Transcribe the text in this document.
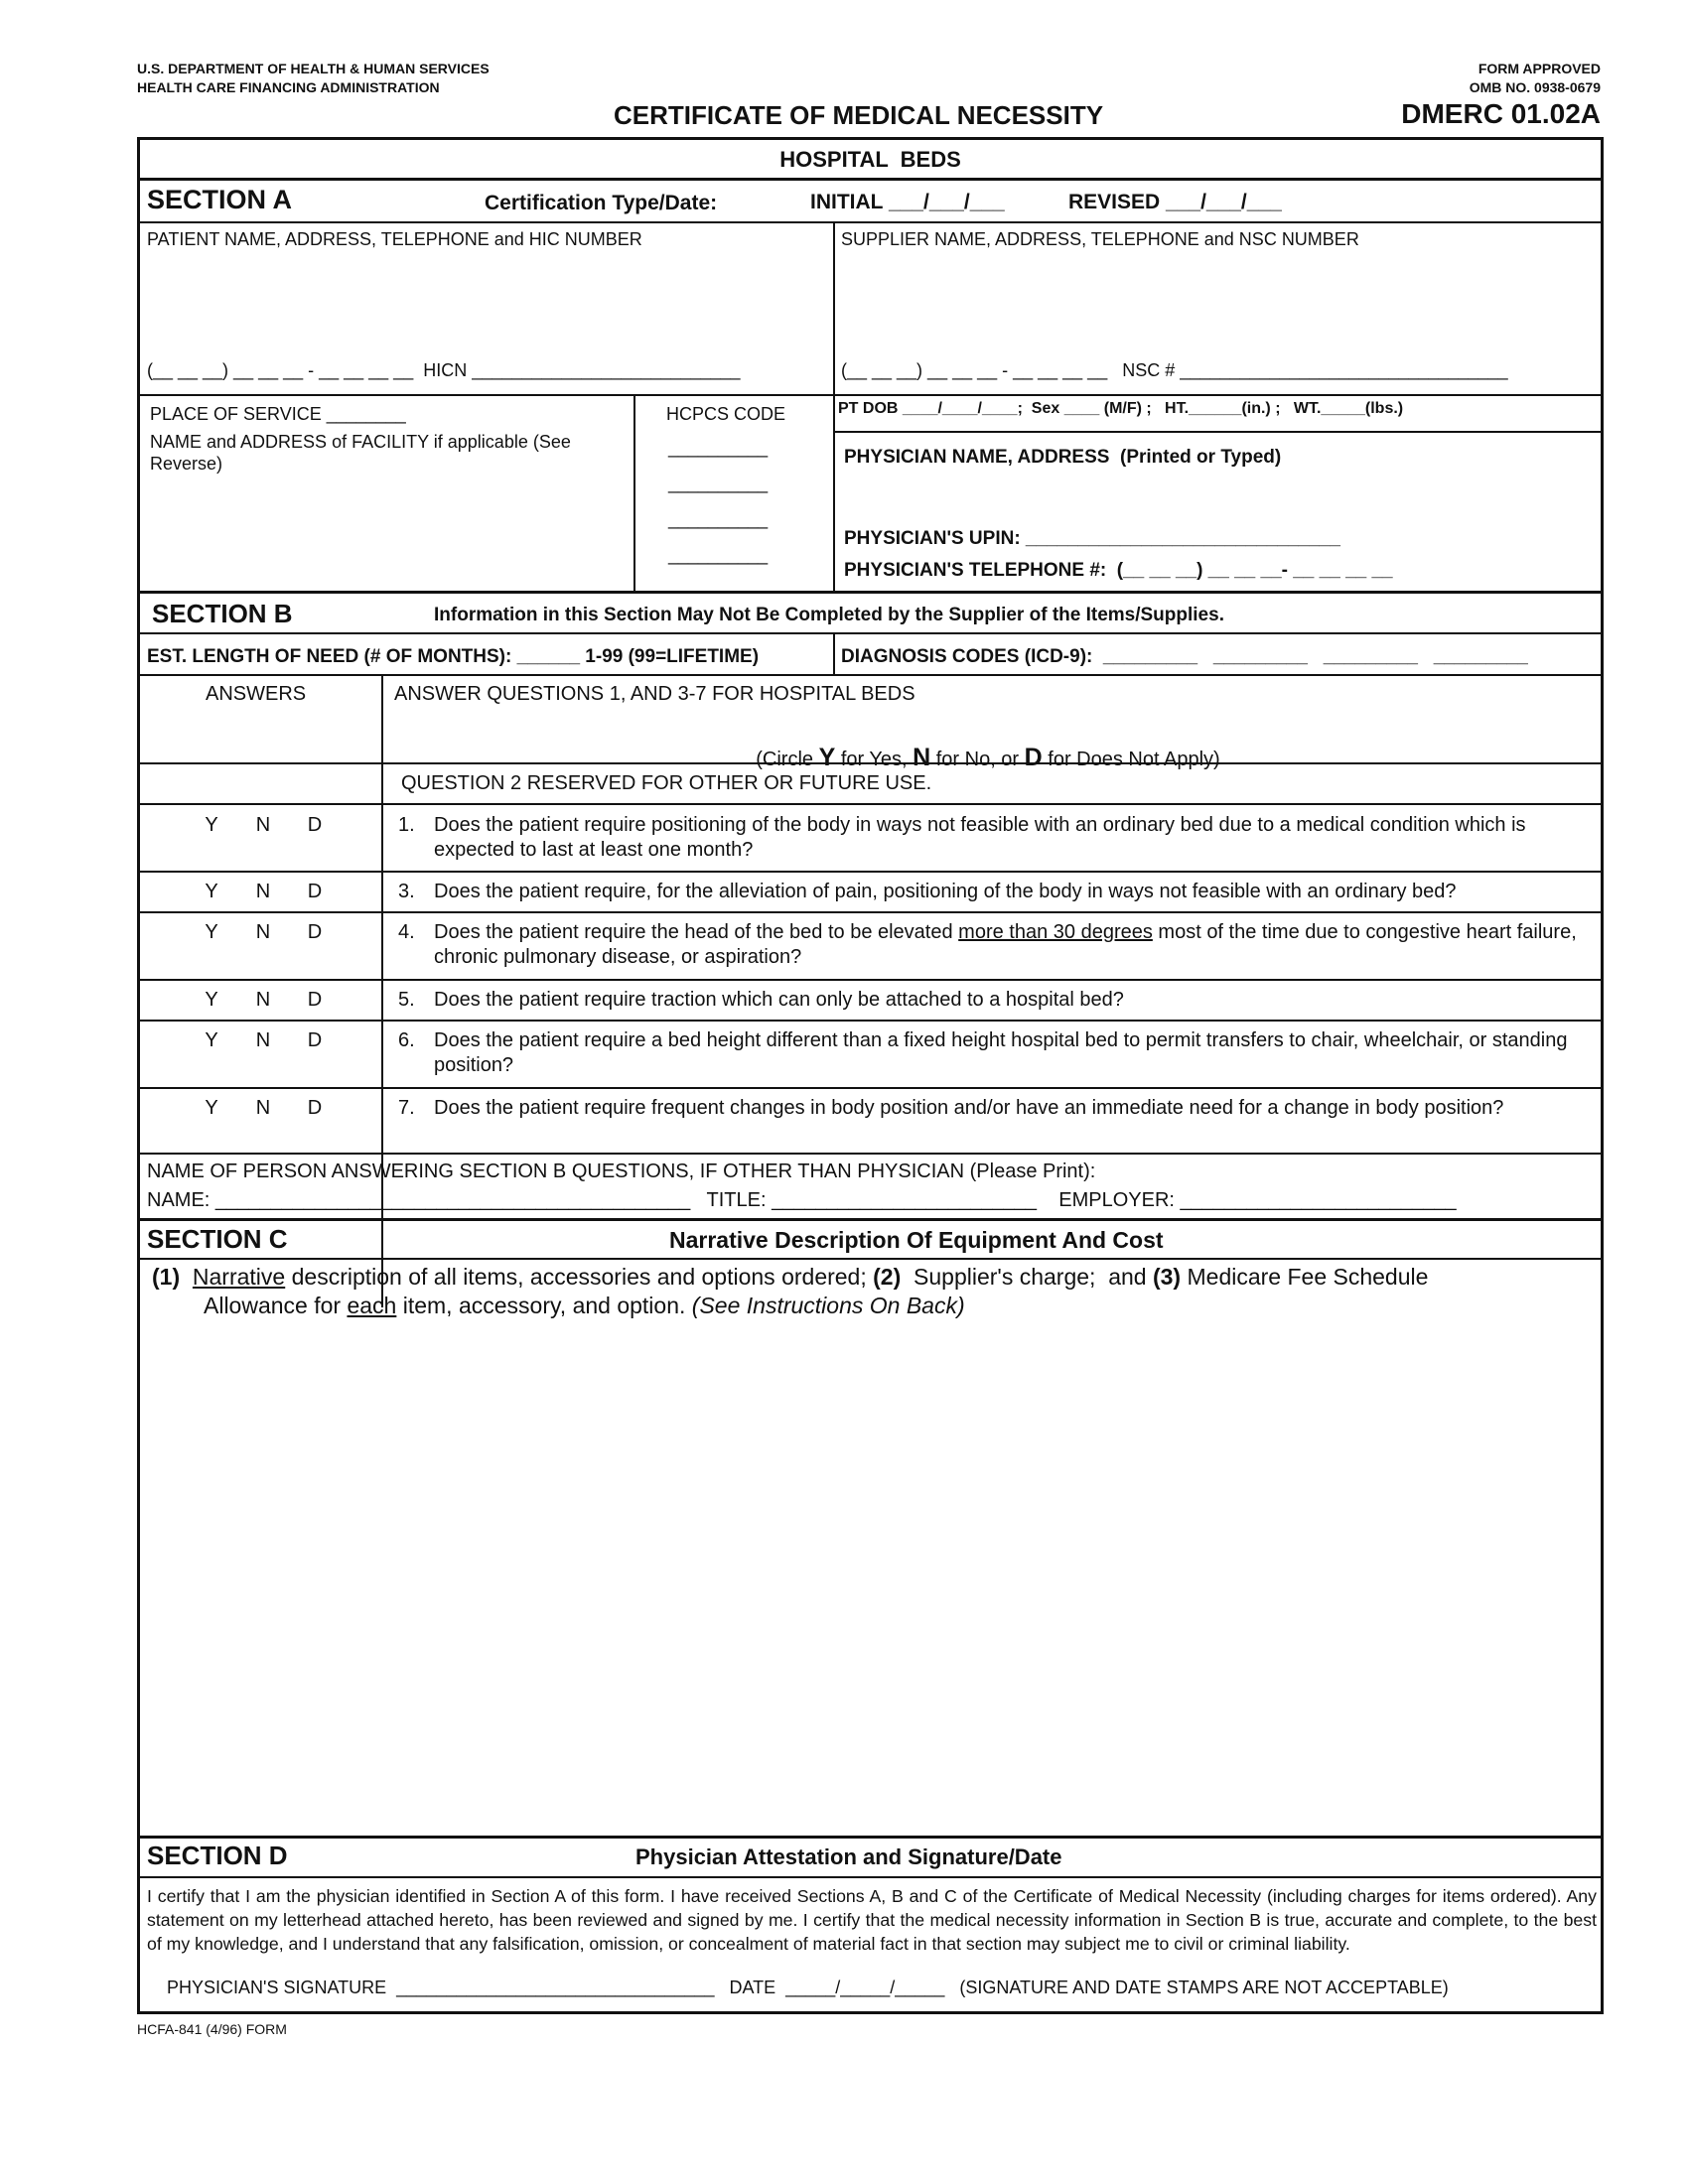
U.S. DEPARTMENT OF HEALTH & HUMAN SERVICES
HEALTH CARE FINANCING ADMINISTRATION
FORM APPROVED
OMB NO. 0938-0679
CERTIFICATE OF MEDICAL NECESSITY	DMERC 01.02A
HOSPITAL  BEDS
SECTION A	Certification Type/Date:	INITIAL ___/___/___	REVISED ___/___/___
PATIENT NAME, ADDRESS, TELEPHONE and HIC NUMBER
(__ __ __) __ __ __ - __ __ __ __  HICN ___________________________
SUPPLIER NAME, ADDRESS, TELEPHONE and NSC NUMBER
(__ __ __) __ __ __ - __ __ __ __   NSC # _________________________________
PLACE OF SERVICE ________
NAME and ADDRESS of FACILITY if applicable (See
Reverse)
HCPCS CODE
__________
__________
__________
__________
PT DOB ____/____/____;  Sex ____ (M/F) ;   HT.______(in.) ;   WT._____(lbs.)
PHYSICIAN NAME, ADDRESS  (Printed or Typed)
PHYSICIAN'S UPIN: ______________________________
PHYSICIAN'S TELEPHONE #:  (__ __ __) __ __ __- __ __ __ __
SECTION B	Information in this Section May Not Be Completed by the Supplier of the Items/Supplies.
EST. LENGTH OF NEED (# OF MONTHS): ______ 1-99 (99=LIFETIME)	DIAGNOSIS CODES (ICD-9):  _________   _________   _________   _________
ANSWERS	ANSWER QUESTIONS 1, AND 3-7 FOR HOSPITAL BEDS

(Circle Y for Yes, N for No, or D for Does Not Apply)

QUESTION 2 RESERVED FOR OTHER OR FUTURE USE.
Y N D	1. Does the patient require positioning of the body in ways not feasible with an ordinary bed due to a medical condition which is expected to last at least one month?
Y N D	3. Does the patient require, for the alleviation of pain, positioning of the body in ways not feasible with an ordinary bed?
Y N D	4. Does the patient require the head of the bed to be elevated more than 30 degrees most of the time due to congestive heart failure, chronic pulmonary disease, or aspiration?
Y N D	5. Does the patient require traction which can only be attached to a hospital bed?
Y N D	6. Does the patient require a bed height different than a fixed height hospital bed to permit transfers to chair, wheelchair, or standing position?
Y N D	7. Does the patient require frequent changes in body position and/or have an immediate need for a change in body position?
NAME OF PERSON ANSWERING SECTION B QUESTIONS, IF OTHER THAN PHYSICIAN (Please Print):
NAME: ___________________________________________   TITLE: ________________________    EMPLOYER: _________________________
SECTION C	Narrative Description Of Equipment And Cost
(1) Narrative description of all items, accessories and options ordered; (2)  Supplier's charge;  and (3) Medicare Fee Schedule
Allowance for each item, accessory, and option. (See Instructions On Back)
SECTION D	Physician Attestation and Signature/Date
I certify that I am the physician identified in Section A of this form. I have received Sections A, B and C of the Certificate of Medical Necessity (including charges for items ordered). Any statement on my letterhead attached hereto, has been reviewed and signed by me. I certify that the medical necessity information in Section B is true, accurate and complete, to the best of my knowledge, and I understand that any falsification, omission, or concealment of material fact in that section may subject me to civil or criminal liability.
PHYSICIAN'S SIGNATURE  ________________________________   DATE  _____/_____/_____   (SIGNATURE AND DATE STAMPS ARE NOT ACCEPTABLE)
HCFA-841 (4/96) FORM
